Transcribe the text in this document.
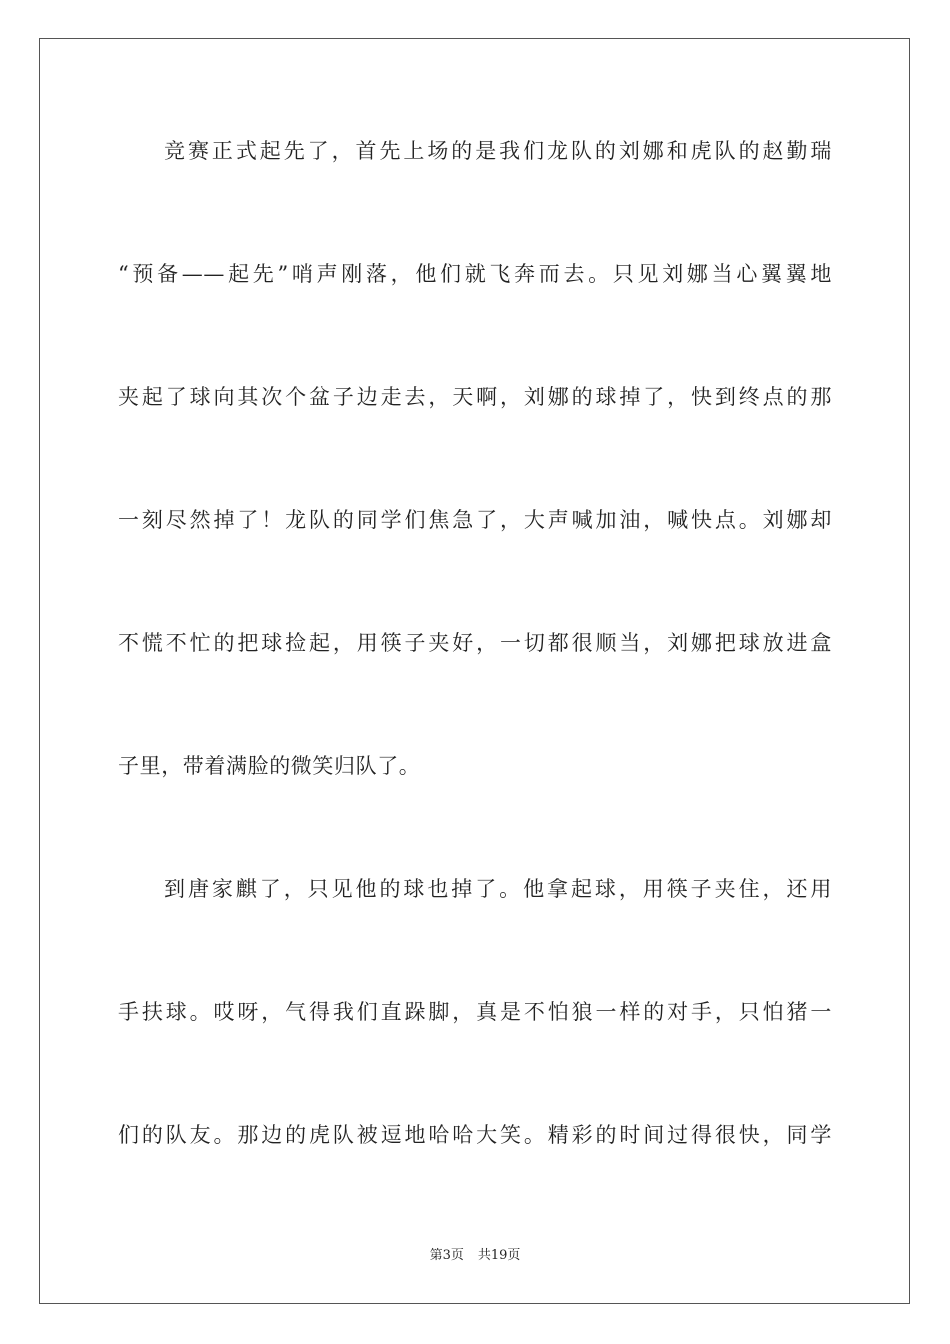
竞赛正式起先了，首先上场的是我们龙队的刘娜和虎队的赵勤瑞
“预备——起先”哨声刚落，他们就飞奔而去。只见刘娜当心翼翼地
夹起了球向其次个盆子边走去，天啊，刘娜的球掉了，快到终点的那
一刻尽然掉了！龙队的同学们焦急了，大声喊加油，喊快点。刘娜却
不慌不忙的把球捡起，用筷子夹好，一切都很顺当，刘娜把球放进盒
子里，带着满脸的微笑归队了。
到唐家麒了，只见他的球也掉了。他拿起球，用筷子夹住，还用
手扶球。哎呀，气得我们直跺脚，真是不怕狼一样的对手，只怕猪一
们的队友。那边的虎队被逗地哈哈大笑。精彩的时间过得很快，同学
第3页 共19页
